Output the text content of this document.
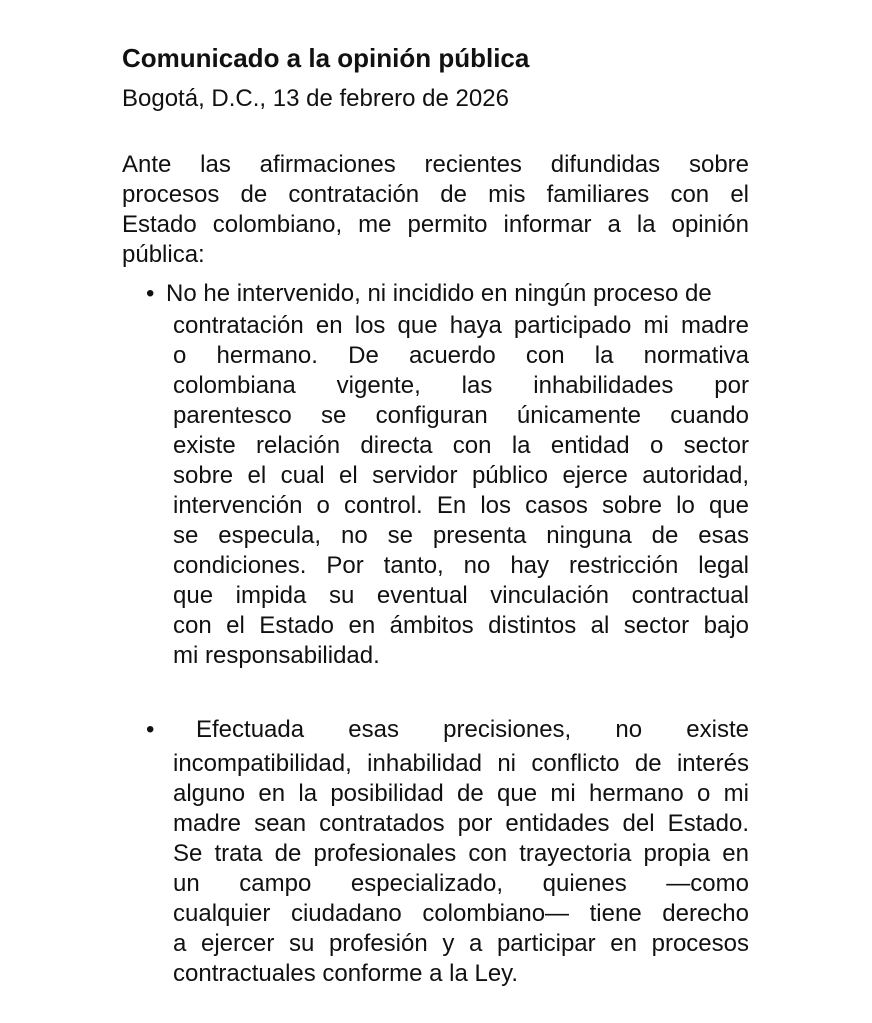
Comunicado a la opinión pública
Bogotá, D.C., 13 de febrero de 2026
Ante las afirmaciones recientes difundidas sobre
procesos de contratación de mis familiares con el
Estado colombiano, me permito informar a la opinión
pública:
• No he intervenido, ni incidido en ningún proceso de
contratación en los que haya participado mi madre
o hermano. De acuerdo con la normativa
colombiana vigente, las inhabilidades por
parentesco se configuran únicamente cuando
existe relación directa con la entidad o sector
sobre el cual el servidor público ejerce autoridad,
intervención o control. En los casos sobre lo que
se especula, no se presenta ninguna de esas
condiciones. Por tanto, no hay restricción legal
que impida su eventual vinculación contractual
con el Estado en ámbitos distintos al sector bajo
mi responsabilidad.
•	Efectuada esas precisiones, no existe
incompatibilidad, inhabilidad ni conflicto de interés
alguno en la posibilidad de que mi hermano o mi
madre sean contratados por entidades del Estado.
Se trata de profesionales con trayectoria propia en
un campo especializado, quienes —como
cualquier ciudadano colombiano— tiene derecho
a ejercer su profesión y a participar en procesos
contractuales conforme a la Ley.
